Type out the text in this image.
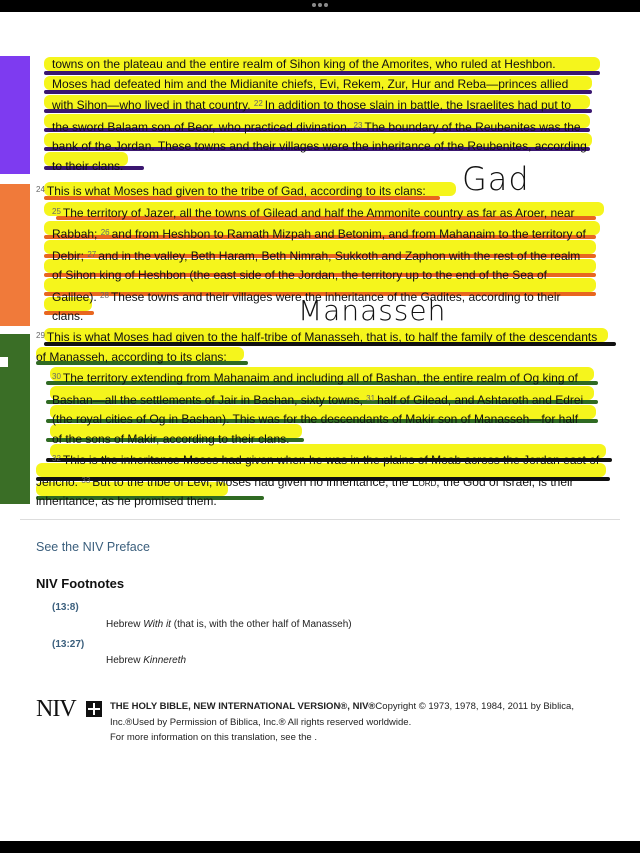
Gad
Manasseh
towns on the plateau and the entire realm of Sihon king of the Amorites, who ruled at Heshbon.
Moses had defeated him and the Midianite chiefs, Evi, Rekem, Zur, Hur and Reba—princes allied
with Sihon—who lived in that country. $^{22}$ In addition to those slain in battle, the Israelites had put to
the sword Balaam son of Beor, who practiced divination. $^{23}$ The boundary of the Reubenites was the
bank of the Jordan. These towns and their villages were the inheritance of the Reubenites, according
to their clans.
$^{24}$ This is what Moses had given to the tribe of Gad, according to its clans:
$^{25}$ The territory of Jazer, all the towns of Gilead and half the Ammonite country as far as Aroer, near
Rabbah; $^{26}$ and from Heshbon to Ramath Mizpah and Betonim, and from Mahanaim to the territory of
Debir; $^{27}$ and in the valley, Beth Haram, Beth Nimrah, Sukkoth and Zaphon with the rest of the realm
of Sihon king of Heshbon (the east side of the Jordan, the territory up to the end of the Sea of
Galilee). $^{28}$ These towns and their villages were the inheritance of the Gadites, according to their
clans.
$^{29}$ This is what Moses had given to the half-tribe of Manasseh, that is, to half the family of the descendants
of Manasseh, according to its clans:
$^{30}$ The territory extending from Mahanaim and including all of Bashan, the entire realm of Og king of
Bashan—all the settlements of Jair in Bashan, sixty towns, $^{31}$ half of Gilead, and Ashtaroth and Edrei
(the royal cities of Og in Bashan). This was for the descendants of Makir son of Manasseh—for half
of the sons of Makir, according to their clans.
$^{32}$ This is the inheritance Moses had given when he was in the plains of Moab across the Jordan east of
Jericho. $^{33}$ But to the tribe of Levi, Moses had given no inheritance; the Lord, the God of Israel, is their
inheritance, as he promised them.
See the NIV Preface
NIV Footnotes
(13:8)
Hebrew With it (that is, with the other half of Manasseh)
(13:27)
Hebrew Kinnereth
NIV	THE HOLY BIBLE, NEW INTERNATIONAL VERSION®, NIV®Copyright © 1973, 1978, 1984, 2011 by Biblica, Inc.®Used by Permission of Biblica, Inc.® All rights reserved worldwide.
For more information on this translation, see the .
